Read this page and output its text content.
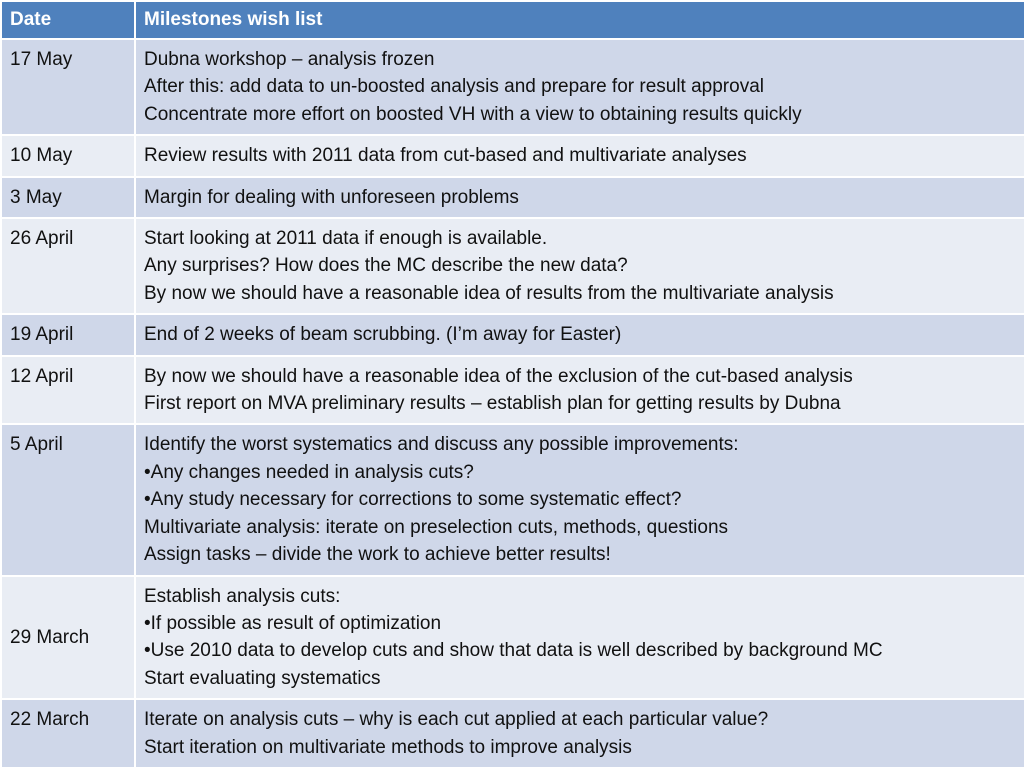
Date	Milestones wish list
17 May	Dubna workshop – analysis frozen
After this: add data to un-boosted analysis and prepare for result approval
Concentrate more effort on boosted VH with a view to obtaining results quickly

10 May	Review results with 2011 data from cut-based and multivariate analyses

3 May	Margin for dealing with unforeseen problems

26 April	Start looking at 2011 data if enough is available.
Any surprises? How does the MC describe the new data?
By now we should have a reasonable idea of results from the multivariate analysis

19 April	End of 2 weeks of beam scrubbing. (I’m away for Easter)

12 April	By now we should have a reasonable idea of the exclusion of the cut-based analysis
First report on MVA preliminary results – establish plan for getting results by Dubna

5 April	Identify the worst systematics and discuss any possible improvements:
•Any changes needed in analysis cuts?
•Any study necessary for corrections to some systematic effect?
Multivariate analysis: iterate on preselection cuts, methods, questions
Assign tasks – divide the work to achieve better results!

29 March	Establish analysis cuts:
•If possible as result of optimization
•Use 2010 data to develop cuts and show that data is well described by background MC
Start evaluating systematics

22 March	Iterate on analysis cuts – why is each cut applied at each particular value?
Start iteration on multivariate methods to improve analysis
